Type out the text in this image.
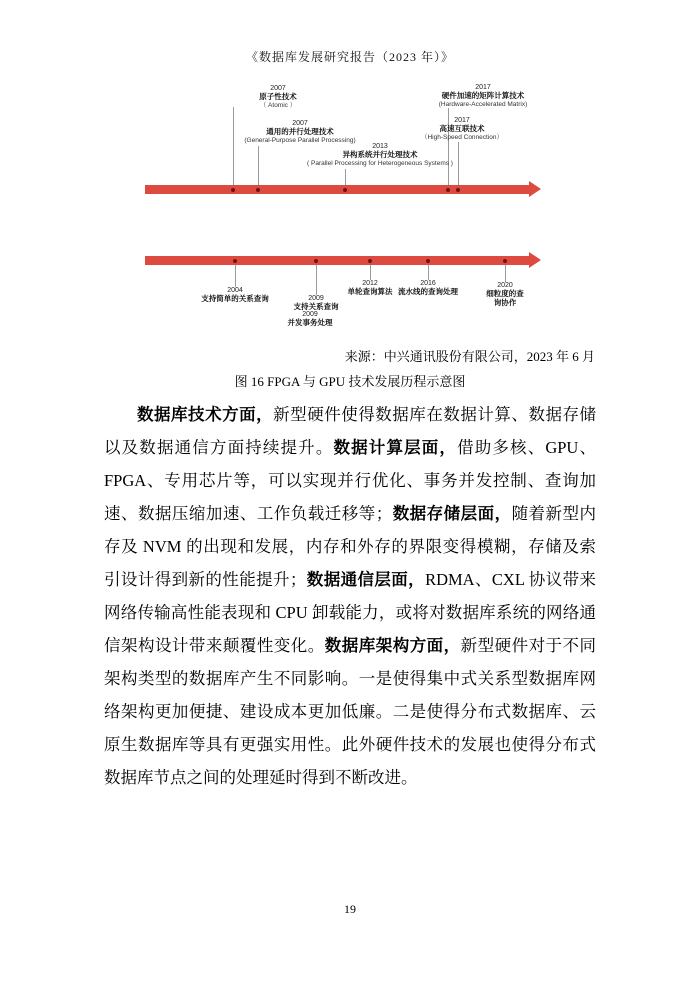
《数据库发展研究报告（2023 年）》
2007
原子性技术
（ Atomic ）
2007
通用的并行处理技术
(General-Purpose Parallel Processing)
2013
异构系统并行处理技术
( Parallel Processing for Heterogeneous Systems )
2017
硬件加速的矩阵计算技术
(Hardware-Accelerated Matrix)
2017
高速互联技术
（High-Speed Connection）
2004
支持简单的关系查询	2009
支持关系查询
2009
并发事务处理
2012
单轮查询算法
2016
流水线的查询处理
2020
细粒度的查询协作
来源：中兴通讯股份有限公司，2023 年 6 月
图 16 FPGA 与 GPU 技术发展历程示意图

数据库技术方面，新型硬件使得数据库在数据计算、数据存储以及数据通信方面持续提升。数据计算层面，借助多核、GPU、FPGA、专用芯片等，可以实现并行优化、事务并发控制、查询加速、数据压缩加速、工作负载迁移等；数据存储层面，随着新型内存及 NVM 的出现和发展，内存和外存的界限变得模糊，存储及索引设计得到新的性能提升；数据通信层面，RDMA、CXL 协议带来网络传输高性能表现和 CPU 卸载能力，或将对数据库系统的网络通信架构设计带来颠覆性变化。数据库架构方面，新型硬件对于不同架构类型的数据库产生不同影响。一是使得集中式关系型数据库网络架构更加便捷、建设成本更加低廉。二是使得分布式数据库、云原生数据库等具有更强实用性。此外硬件技术的发展也使得分布式数据库节点之间的处理延时得到不断改进。

19
